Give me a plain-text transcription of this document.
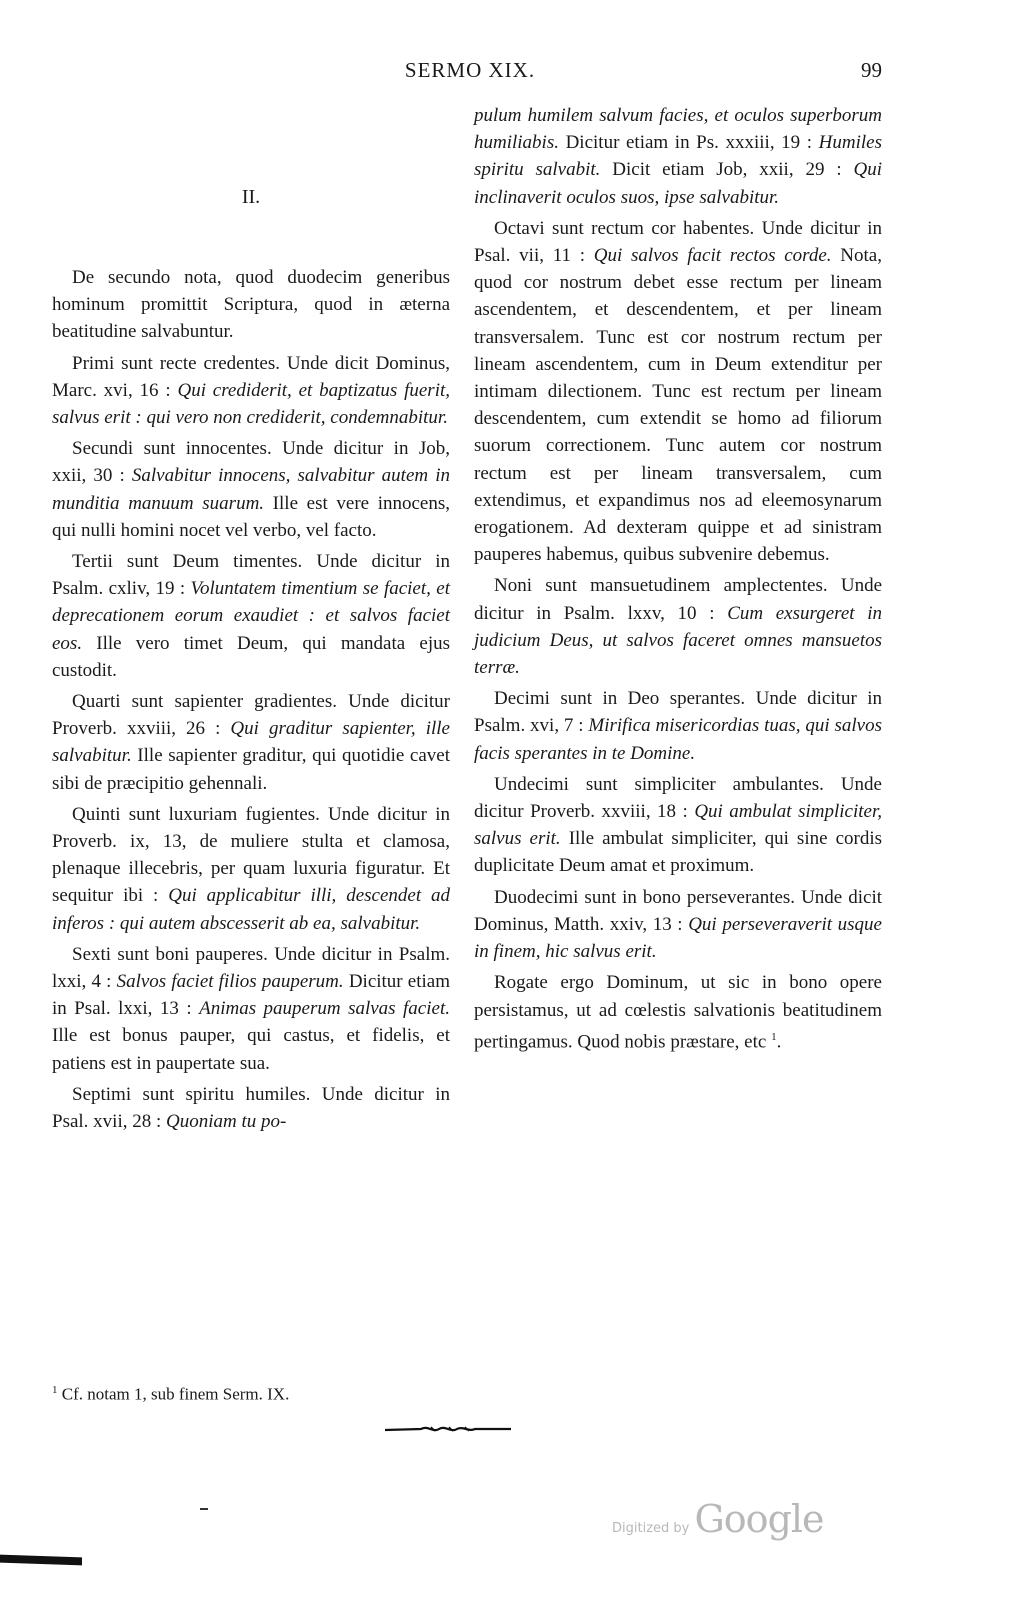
SERMO XIX.	99
II.

De secundo nota, quod duodecim generibus hominum promittit Scriptura, quod in æterna beatitudine salvabuntur.

Primi sunt recte credentes. Unde dicit Dominus, Marc. xvi, 16 : Qui crediderit, et baptizatus fuerit, salvus erit : qui vero non crediderit, condemnabitur.

Secundi sunt innocentes. Unde dicitur in Job, xxii, 30 : Salvabitur innocens, salvabitur autem in munditia manuum suarum. Ille est vere innocens, qui nulli homini nocet vel verbo, vel facto.

Tertii sunt Deum timentes. Unde dicitur in Psalm. cxliv, 19 : Voluntatem timentium se faciet, et deprecationem eorum exaudiet : et salvos faciet eos. Ille vero timet Deum, qui mandata ejus custodit.

Quarti sunt sapienter gradientes. Unde dicitur Proverb. xxviii, 26 : Qui graditur sapienter, ille salvabitur. Ille sapienter graditur, qui quotidie cavet sibi de præcipitio gehennali.

Quinti sunt luxuriam fugientes. Unde dicitur in Proverb. ix, 13, de muliere stulta et clamosa, plenaque illecebris, per quam luxuria figuratur. Et sequitur ibi : Qui applicabitur illi, descendet ad inferos : qui autem abscesserit ab ea, salvabitur.

Sexti sunt boni pauperes. Unde dicitur in Psalm. lxxi, 4 : Salvos faciet filios pauperum. Dicitur etiam in Psal. lxxi, 13 : Animas pauperum salvas faciet. Ille est bonus pauper, qui castus, et fidelis, et patiens est in paupertate sua.

Septimi sunt spiritu humiles. Unde dicitur in Psal. xvii, 28 : Quoniam tu po-

pulum humilem salvum facies, et oculos superborum humiliabis. Dicitur etiam in Ps. xxxiii, 19 : Humiles spiritu salvabit. Dicit etiam Job, xxii, 29 : Qui inclinaverit oculos suos, ipse salvabitur.

Octavi sunt rectum cor habentes. Unde dicitur in Psal. vii, 11 : Qui salvos facit rectos corde. Nota, quod cor nostrum debet esse rectum per lineam ascendentem, et descendentem, et per lineam transversalem. Tunc est cor nostrum rectum per lineam ascendentem, cum in Deum extenditur per intimam dilectionem. Tunc est rectum per lineam descendentem, cum extendit se homo ad filiorum suorum correctionem. Tunc autem cor nostrum rectum est per lineam transversalem, cum extendimus, et expandimus nos ad eleemosynarum erogationem. Ad dexteram quippe et ad sinistram pauperes habemus, quibus subvenire debemus.

Noni sunt mansuetudinem amplectentes. Unde dicitur in Psalm. lxxv, 10 : Cum exsurgeret in judicium Deus, ut salvos faceret omnes mansuetos terræ.

Decimi sunt in Deo sperantes. Unde dicitur in Psalm. xvi, 7 : Mirifica misericordias tuas, qui salvos facis sperantes in te Domine.

Undecimi sunt simpliciter ambulantes. Unde dicitur Proverb. xxviii, 18 : Qui ambulat simpliciter, salvus erit. Ille ambulat simpliciter, qui sine cordis duplicitate Deum amat et proximum.

Duodecimi sunt in bono perseverantes. Unde dicit Dominus, Matth. xxiv, 13 : Qui perseveraverit usque in finem, hic salvus erit.

Rogate ergo Dominum, ut sic in bono opere persistamus, ut ad cœlestis salvationis beatitudinem pertingamus. Quod nobis præstare, etc $^1$.

$^1$ Cf. notam 1, sub finem Serm. IX.
Digitized by Google
